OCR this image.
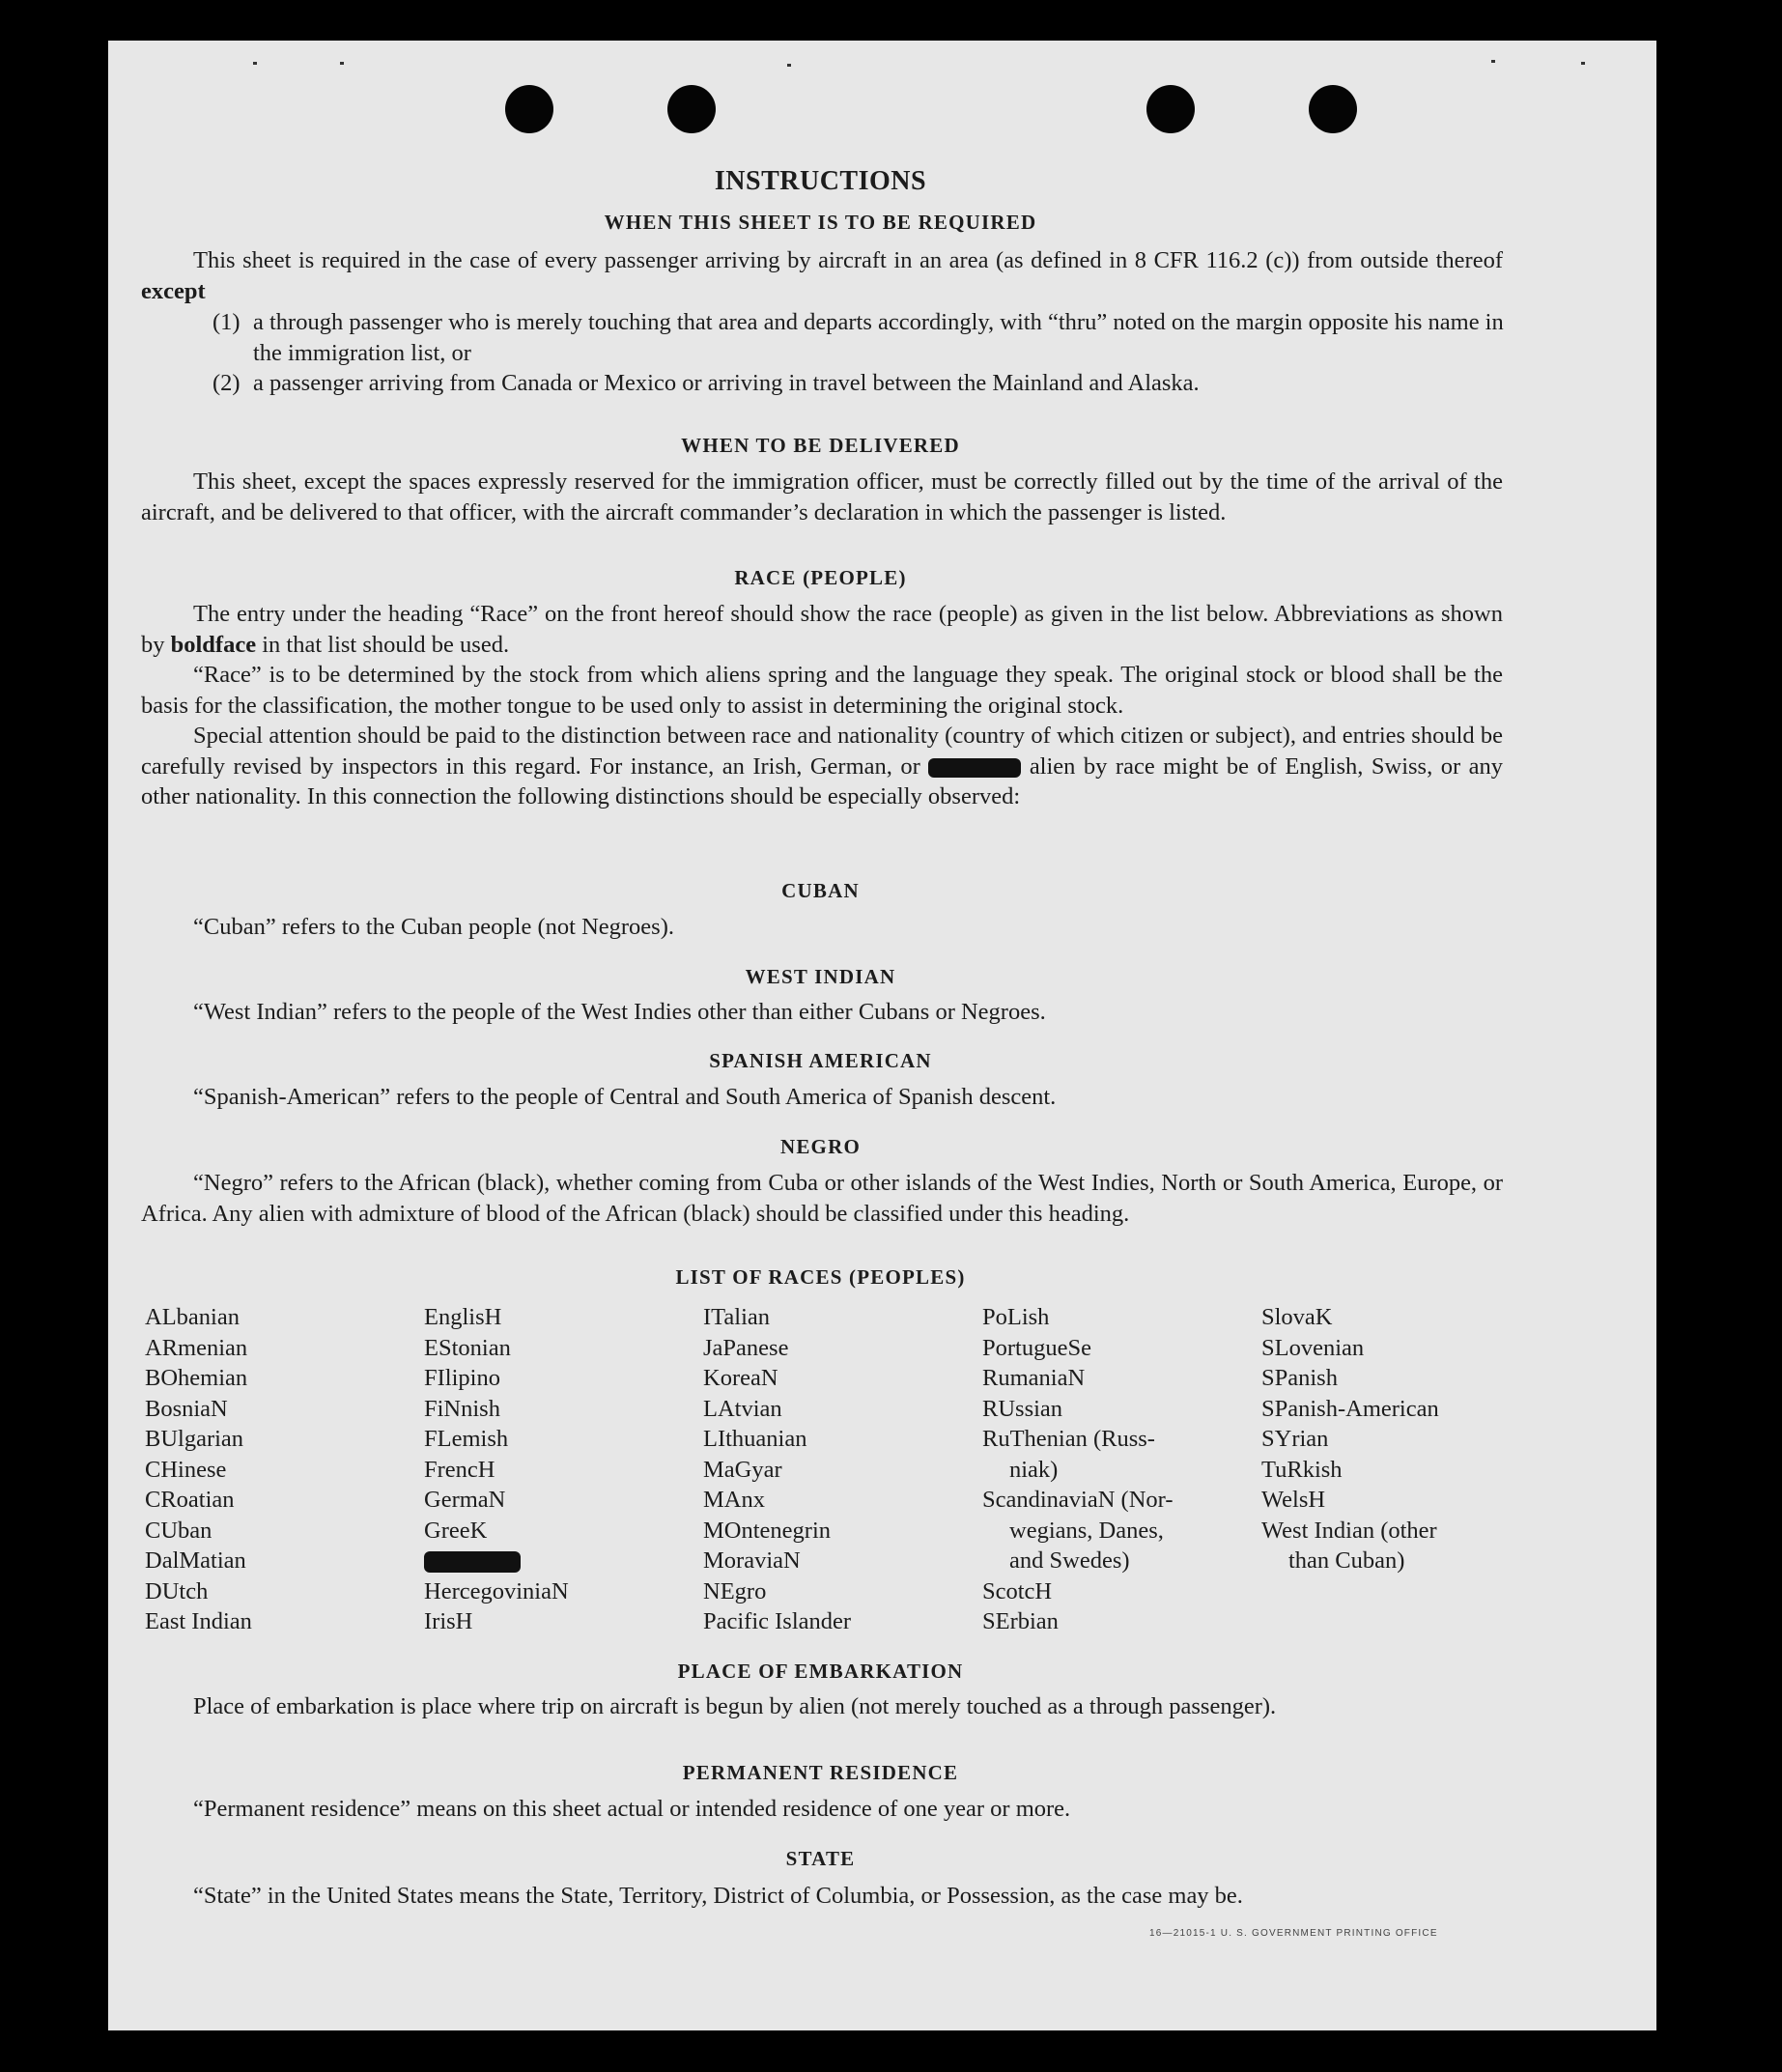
INSTRUCTIONS
WHEN THIS SHEET IS TO BE REQUIRED

This sheet is required in the case of every passenger arriving by aircraft in an area (as defined in 8 CFR 116.2 (c)) from outside thereof except

(1) a through passenger who is merely touching that area and departs accordingly, with “thru” noted on the margin opposite his name in the immigration list, or
(2) a passenger arriving from Canada or Mexico or arriving in travel between the Mainland and Alaska.
WHEN TO BE DELIVERED

This sheet, except the spaces expressly reserved for the immigration officer, must be correctly filled out by the time of the arrival of the aircraft, and be delivered to that officer, with the aircraft commander’s declaration in which the passenger is listed.

RACE (PEOPLE)

The entry under the heading “Race” on the front hereof should show the race (people) as given in the list below. Abbreviations as shown by boldface in that list should be used.

“Race” is to be determined by the stock from which aliens spring and the language they speak. The original stock or blood shall be the basis for the classification, the mother tongue to be used only to assist in determining the original stock.

Special attention should be paid to the distinction between race and nationality (country of which citizen or subject), and entries should be carefully revised by inspectors in this regard. For instance, an Irish, German, or	alien by race might be of English, Swiss, or any other nationality. In this connection the following distinctions should be especially observed:

CUBAN

“Cuban” refers to the Cuban people (not Negroes).

WEST INDIAN

“West Indian” refers to the people of the West Indies other than either Cubans or Negroes.

SPANISH AMERICAN

“Spanish-American” refers to the people of Central and South America of Spanish descent.

NEGRO

“Negro” refers to the African (black), whether coming from Cuba or other islands of the West Indies, North or South America, Europe, or Africa. Any alien with admixture of blood of the African (black) should be classified under this heading.

LIST OF RACES (PEOPLES)
ALbanian
ARmenian
BOhemian
BosniaN
BUlgarian
CHinese
CRoatian
CUban
DalMatian
DUtch
East Indian
EnglisH
EStonian
FIlipino
FiNnish
FLemish
FrencH
GermaN
GreeK
HercegoviniaN
IrisH
ITalian
JaPanese
KoreaN
LAtvian
LIthuanian
MaGyar
MAnx
MOntenegrin
MoraviaN
NEgro
Pacific Islander
PoLish
PortugueSe
RumaniaN
RUssian
RuThenian (Russ-
niak)
ScandinaviaN (Nor-
wegians, Danes,
and Swedes)
ScotcH
SErbian
SlovaK
SLovenian
SPanish
SPanish-American
SYrian
TuRkish
WelsH
West Indian (other
than Cuban)
PLACE OF EMBARKATION

Place of embarkation is place where trip on aircraft is begun by alien (not merely touched as a through passenger).

PERMANENT RESIDENCE

“Permanent residence” means on this sheet actual or intended residence of one year or more.

STATE

“State” in the United States means the State, Territory, District of Columbia, or Possession, as the case may be.

16—21015-1 U. S. GOVERNMENT PRINTING OFFICE
